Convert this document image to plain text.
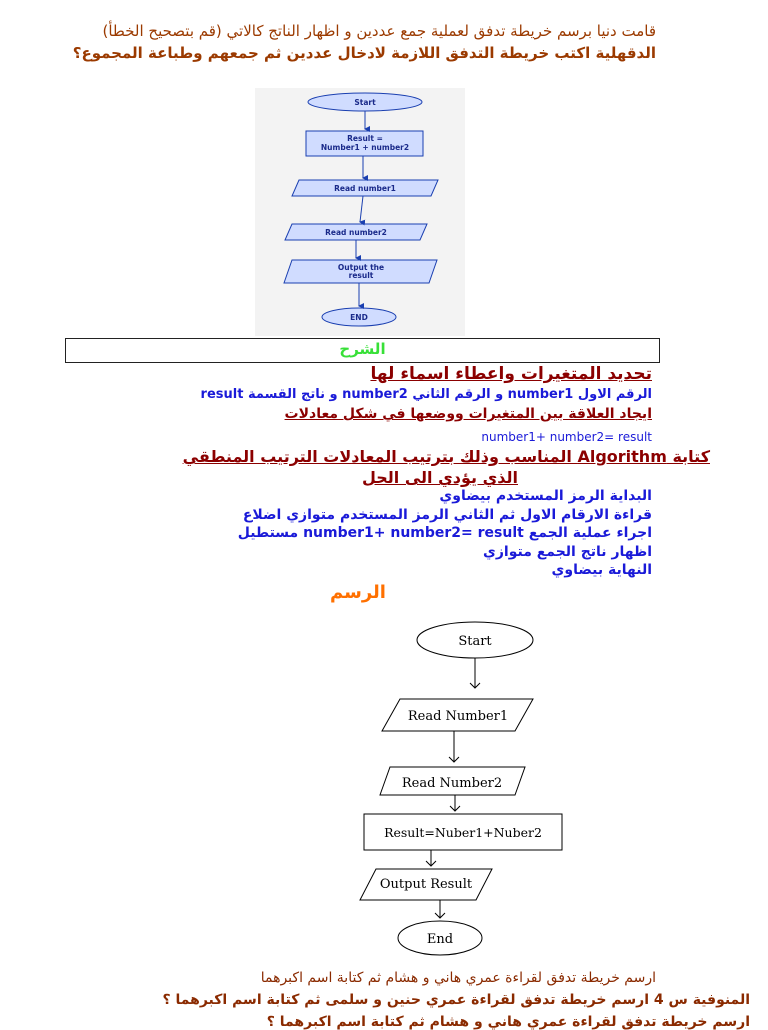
قامت دنيا برسم خريطة تدفق لعملية جمع عددين و اظهار الناتج كالاتي (قم بتصحيح الخطأ)
الدقهلية اكتب خريطة التدفق اللازمة لادخال عددين ثم جمعهم وطباعة المجموع؟
Start
Result =
Number1 + number2
Read number1
Read number2
Output the
result
END
الشرح
تحديد المتغيرات واعطاء اسماء لها
الرقم الاول number1 و الرقم الثاني number2 و ناتج القسمة result
ايجاد العلاقة بين المتغيرات ووضعها في شكل معادلات
number1+ number2= result
كتابة Algorithm المناسب وذلك بترتيب المعادلات الترتيب المنطقي
الذي يؤدي الى الحل
البداية الرمز المستخدم بيضاوي
قراءة الارقام الاول ثم الثاني الرمز المستخدم متوازي اضلاع
اجراء عملية الجمع number1+ number2= result مستطيل
اظهار ناتج الجمع متوازي
النهاية بيضاوي
الرسم
Start
Read Number1
Read Number2
Result=Nuber1+Nuber2
Output Result
End
ارسم خريطة تدفق لقراءة عمري هاني و هشام ثم كتابة اسم اكبرهما
المنوفية س 4 ارسم خريطة تدفق لقراءة عمري حنين و سلمى ثم كتابة اسم اكبرهما ؟
ارسم خريطة تدفق لقراءة عمري هاني و هشام ثم كتابة اسم اكبرهما ؟
